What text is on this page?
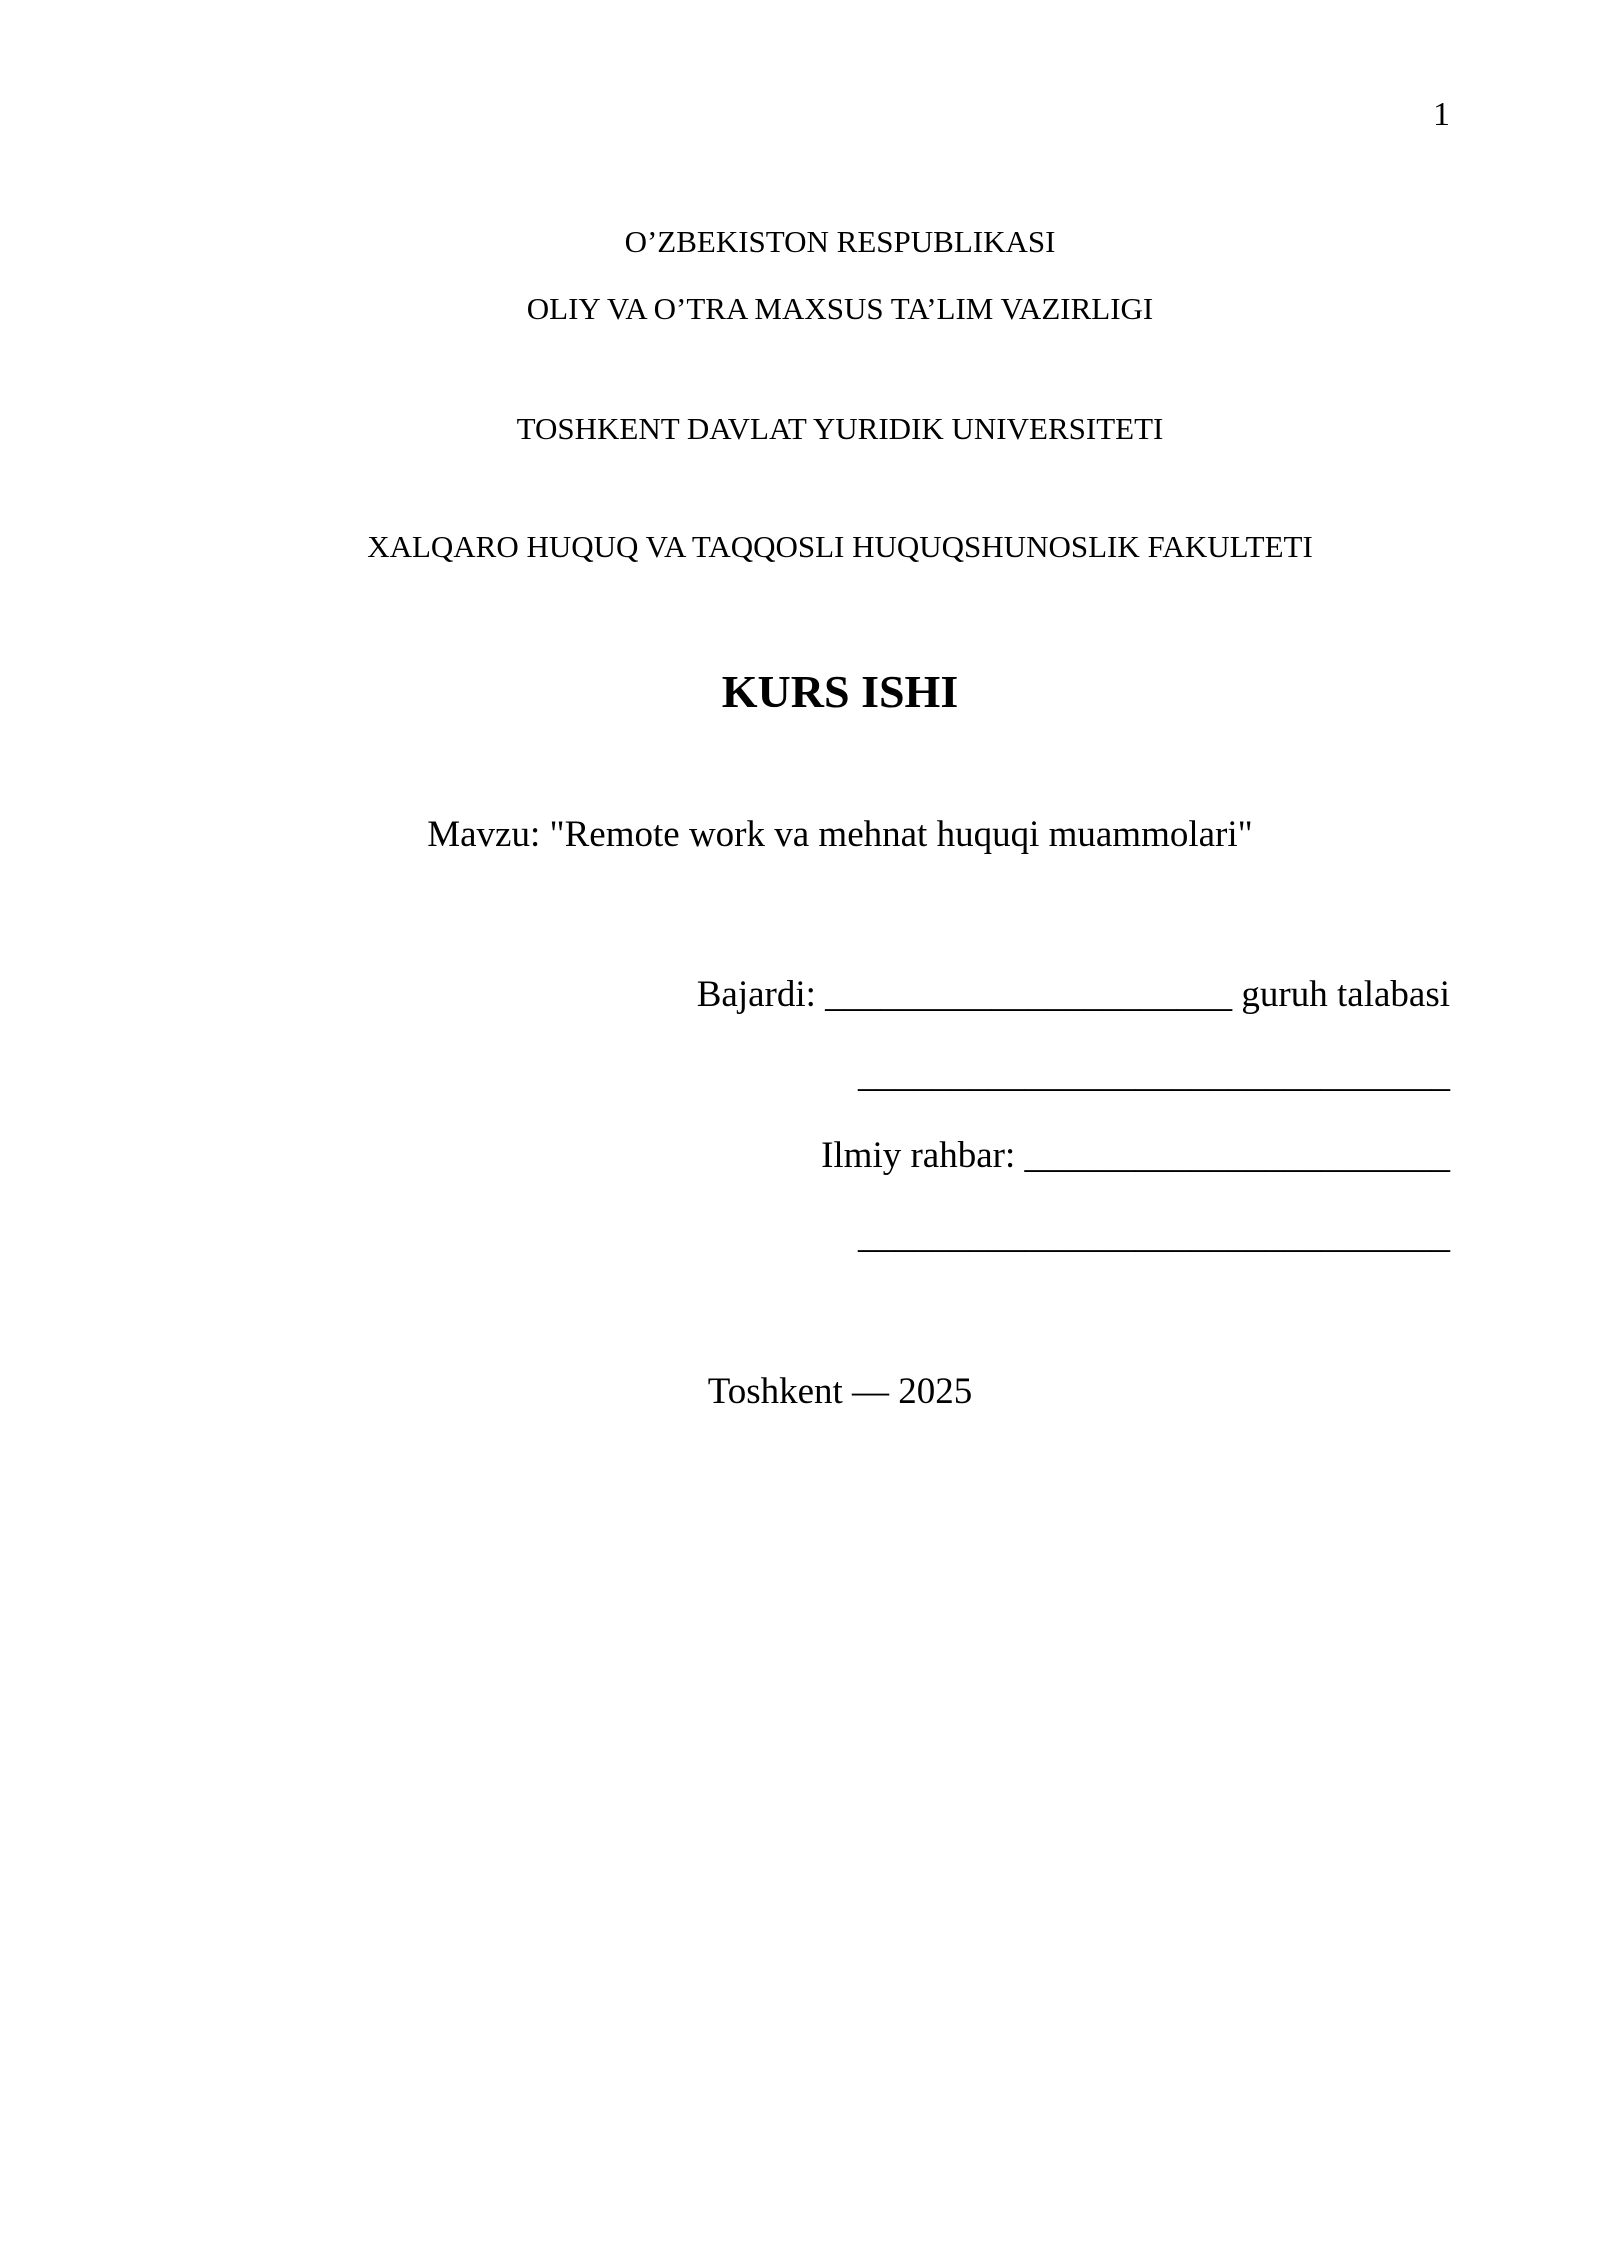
1
O’ZBEKISTON RESPUBLIKASI
OLIY VA O’TRA MAXSUS TA’LIM VAZIRLIGI
TOSHKENT DAVLAT YURIDIK UNIVERSITETI
XALQARO HUQUQ VA TAQQOSLI HUQUQSHUNOSLIK FAKULTETI
KURS ISHI
Mavzu: "Remote work va mehnat huquqi muammolari"
Bajardi: ______________________ guruh talabasi
________________________________
Ilmiy rahbar: _______________________
________________________________
Toshkent — 2025
